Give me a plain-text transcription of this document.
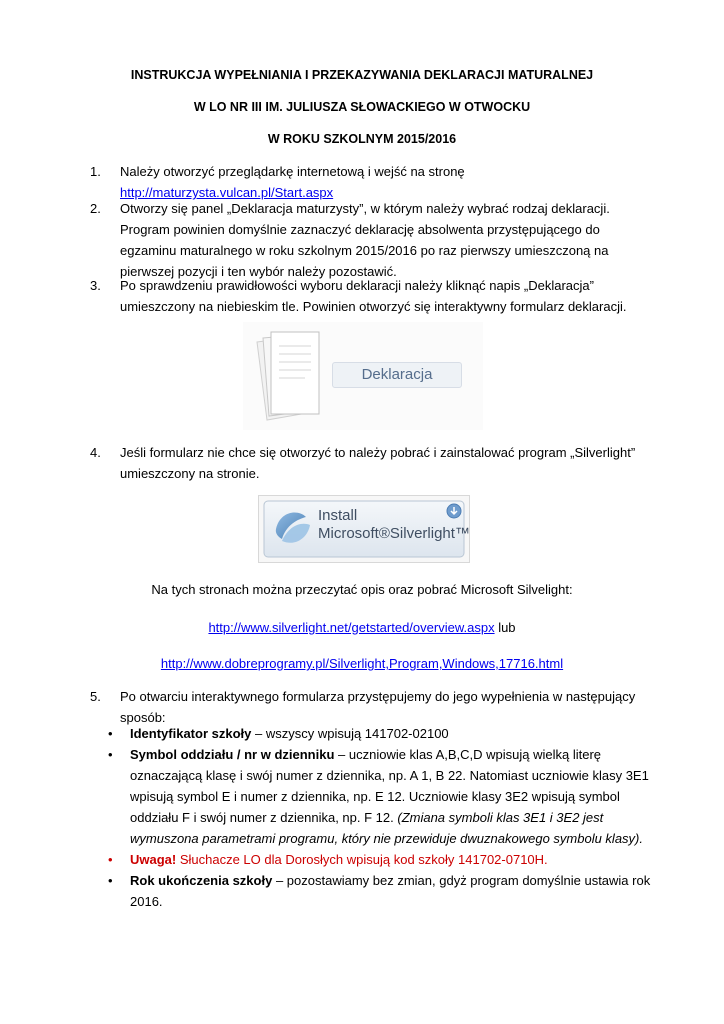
INSTRUKCJA WYPEŁNIANIA I PRZEKAZYWANIA DEKLARACJI MATURALNEJ
W LO NR III IM. JULIUSZA SŁOWACKIEGO W OTWOCKU
W ROKU SZKOLNYM 2015/2016
1. Należy otworzyć przeglądarkę internetową i wejść na stronę
http://maturzysta.vulcan.pl/Start.aspx
2. Otworzy się panel „Deklaracja maturzysty”, w którym należy wybrać rodzaj deklaracji. Program powinien domyślnie zaznaczyć deklarację absolwenta przystępującego do egzaminu maturalnego w roku szkolnym 2015/2016 po raz pierwszy umieszczoną na pierwszej pozycji i ten wybór należy pozostawić.
3. Po sprawdzeniu prawidłowości wyboru deklaracji należy kliknąć napis „Deklaracja” umieszczony na niebieskim tle. Powinien otworzyć się interaktywny formularz deklaracji.
Deklaracja
4. Jeśli formularz nie chce się otworzyć to należy pobrać i zainstalować program „Silverlight” umieszczony na stronie.
Install
Microsoft®Silverlight™
Na tych stronach można przeczytać opis oraz pobrać Microsoft Silvelight:
http://www.silverlight.net/getstarted/overview.aspx lub
http://www.dobreprogramy.pl/Silverlight,Program,Windows,17716.html
5. Po otwarciu interaktywnego formularza przystępujemy do jego wypełnienia w następujący sposób:
• Identyfikator szkoły – wszyscy wpisują 141702-02100
• Symbol oddziału / nr w dzienniku – uczniowie klas A,B,C,D wpisują wielką literę oznaczającą klasę i swój numer z dziennika, np. A 1, B 22. Natomiast uczniowie klasy 3E1 wpisują symbol E i numer z dziennika, np. E 12. Uczniowie klasy 3E2 wpisują symbol oddziału F i swój numer z dziennika, np. F 12. (Zmiana symboli klas 3E1 i 3E2 jest wymuszona parametrami programu, który nie przewiduje dwuznakowego symbolu klasy).
• Uwaga! Słuchacze LO dla Dorosłych wpisują kod szkoły 141702-0710H.
• Rok ukończenia szkoły – pozostawiamy bez zmian, gdyż program domyślnie ustawia rok 2016.
